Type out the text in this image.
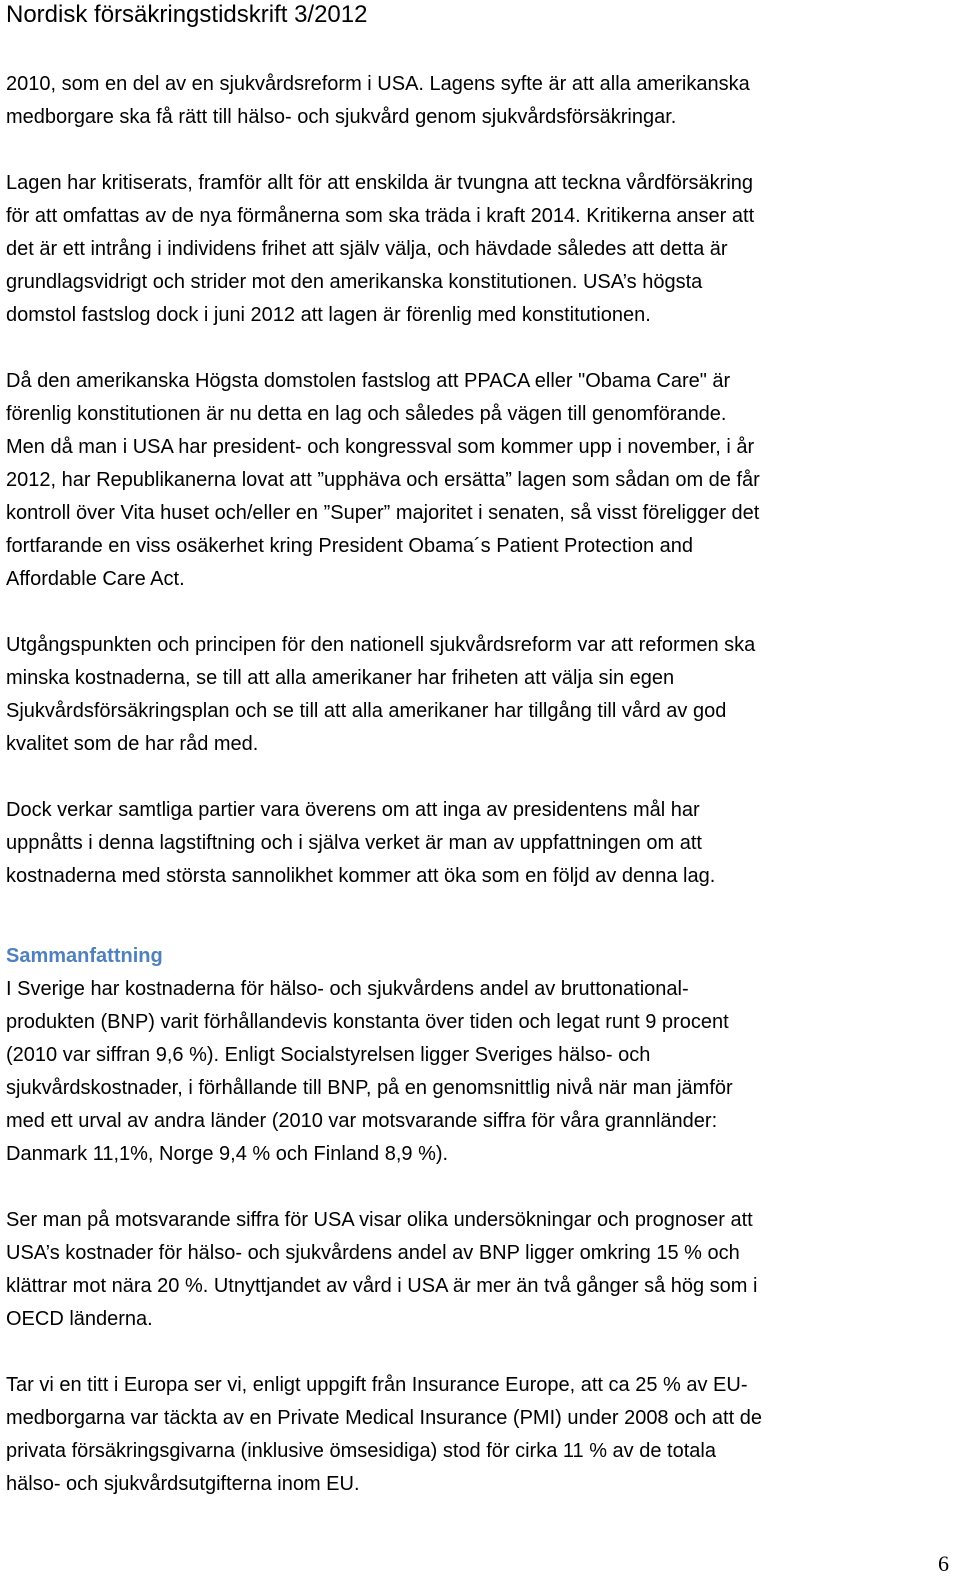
Nordisk försäkringstidskrift 3/2012
2010, som en del av en sjukvårdsreform i USA. Lagens syfte är att alla amerikanska
medborgare ska få rätt till hälso- och sjukvård genom sjukvårdsförsäkringar.
Lagen har kritiserats, framför allt för att enskilda är tvungna att teckna vårdförsäkring
för att omfattas av de nya förmånerna som ska träda i kraft 2014. Kritikerna anser att
det är ett intrång i individens frihet att själv välja, och hävdade således att detta är
grundlagsvidrigt och strider mot den amerikanska konstitutionen. USA’s högsta
domstol fastslog dock i juni 2012 att lagen är förenlig med konstitutionen.
Då den amerikanska Högsta domstolen fastslog att PPACA eller "Obama Care" är
förenlig konstitutionen är nu detta en lag och således på vägen till genomförande.
Men då man i USA har president- och kongressval som kommer upp i november, i år
2012, har Republikanerna lovat att ”upphäva och ersätta” lagen som sådan om de får
kontroll över Vita huset och/eller en ”Super” majoritet i senaten, så visst föreligger det
fortfarande en viss osäkerhet kring President Obama´s Patient Protection and
Affordable Care Act.
Utgångspunkten och principen för den nationell sjukvårdsreform var att reformen ska
minska kostnaderna, se till att alla amerikaner har friheten att välja sin egen
Sjukvårdsförsäkringsplan och se till att alla amerikaner har tillgång till vård av god
kvalitet som de har råd med.
Dock verkar samtliga partier vara överens om att inga av presidentens mål har
uppnåtts i denna lagstiftning och i själva verket är man av uppfattningen om att
kostnaderna med största sannolikhet kommer att öka som en följd av denna lag.
Sammanfattning
I Sverige har kostnaderna för hälso- och sjukvårdens andel av bruttonational-
produkten (BNP) varit förhållandevis konstanta över tiden och legat runt 9 procent
(2010 var siffran 9,6 %). Enligt Socialstyrelsen ligger Sveriges hälso- och
sjukvårdskostnader, i förhållande till BNP, på en genomsnittlig nivå när man jämför
med ett urval av andra länder (2010 var motsvarande siffra för våra grannländer:
Danmark 11,1%, Norge 9,4 % och Finland 8,9 %).
Ser man på motsvarande siffra för USA visar olika undersökningar och prognoser att
USA’s kostnader för hälso- och sjukvårdens andel av BNP ligger omkring 15 % och
klättrar mot nära 20 %. Utnyttjandet av vård i USA är mer än två gånger så hög som i
OECD länderna.
Tar vi en titt i Europa ser vi, enligt uppgift från Insurance Europe, att ca 25 % av EU-
medborgarna var täckta av en Private Medical Insurance (PMI) under 2008 och att de
privata försäkringsgivarna (inklusive ömsesidiga) stod för cirka 11 % av de totala
hälso- och sjukvårdsutgifterna inom EU.
6
